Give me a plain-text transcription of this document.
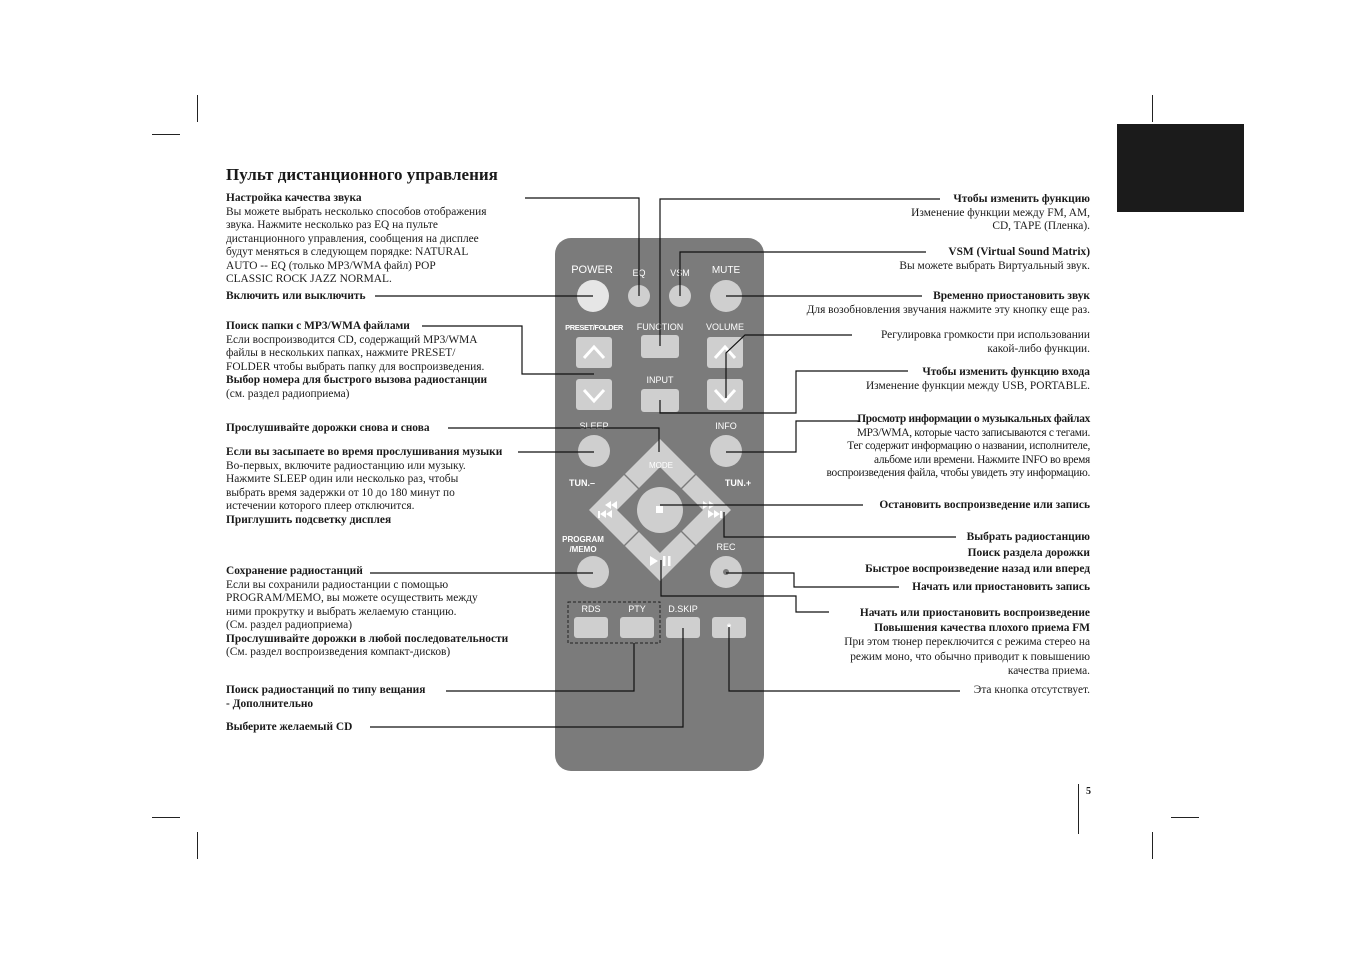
Пульт дистанционного управления
5
Настройка качества звука
Вы можете выбрать несколько способов отображения
звука. Нажмите несколько раз EQ на пульте
дистанционного управления, сообщения на дисплее
будут меняться в следующем порядке: NATURAL
AUTO -- EQ (только MP3/WMA файл) POP
CLASSIC ROCK JAZZ NORMAL.
Включить или выключить
Поиск папки с MP3/WMA файлами
Если воспроизводится CD, содержащий MP3/WMA
файлы в нескольких папках, нажмите PRESET/
FOLDER чтобы выбрать папку для воспроизведения.
Выбор номера для быстрого вызова радиостанции
(см. раздел радиоприема)
Прослушивайте дорожки снова и снова
Если вы засыпаете во время прослушивания музыки
Во-первых, включите радиостанцию или музыку.
Нажмите SLEEP один или несколько раз, чтобы
выбрать время задержки от 10 до 180 минут по
истечении которого плеер отключится.
Приглушить подсветку дисплея
Сохранение радиостанций
Если вы сохранили радиостанции с помощью
PROGRAM/MEMO, вы можете осуществить между
ними прокрутку и выбрать желаемую станцию.
(См. раздел радиоприема)
Прослушивайте дорожки в любой последовательности
(См. раздел воспроизведения компакт-дисков)
Поиск радиостанций по типу вещания
- Дополнительно
Выберите желаемый CD
Чтобы изменить функцию
Изменение функции между FM, AM,
CD, TAPE (Пленка).
VSM (Virtual Sound Matrix)
Вы можете выбрать Виртуальный звук.
Временно приостановить звук
Для возобновления звучания нажмите эту кнопку еще раз.
Регулировка громкости при использовании
какой-либо функции.
Чтобы изменить функцию входа
Изменение функции между USB, PORTABLE.
Просмотр информации о музыкальных файлах
MP3/WMA, которые часто записываются с тегами.
Тег содержит информацию о названии, исполнителе,
альбоме или времени. Нажмите INFO во время
воспроизведения файла, чтобы увидеть эту информацию.
Остановить воспроизведение или запись
Выбрать радиостанцию
Поиск раздела дорожки
Быстрое воспроизведение назад или вперед
Начать или приостановить запись
Начать или приостановить воспроизведение
Повышения качества плохого приема FM
При этом тюнер переключится с режима стерео на
режим моно, что обычно приводит к повышению
качества приема.
Эта кнопка отсутствует.
POWER EQ	VSM MUTE
PRESET/FOLDER FUNCTION	VOLUME
INPUT
SLEEP	INFO
TUN.–	TUN.+
MODE
PROGRAM
/MEMO	REC
RDS	PTY D.SKIP
*
